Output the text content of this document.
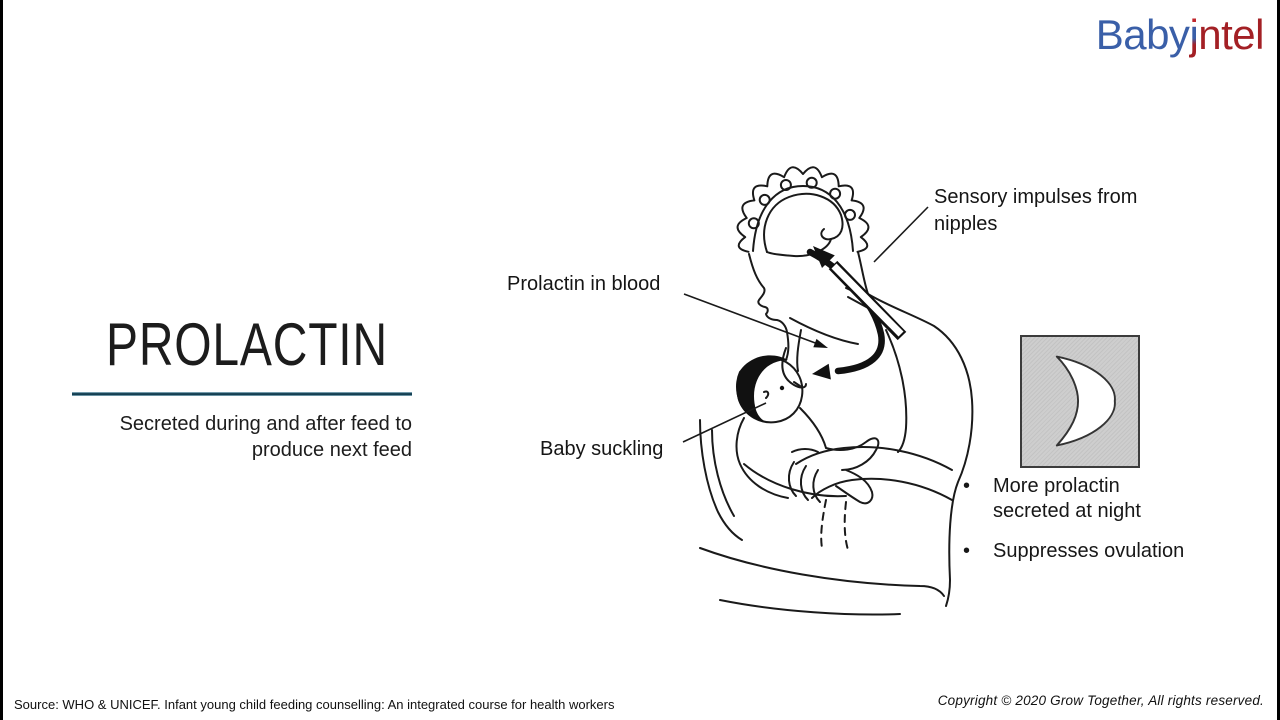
Babyjntel
PROLACTIN
Secreted during and after feed to
produce next feed
Sensory impulses from nipples
Prolactin in blood
Baby suckling
•	More prolactin secreted at night
•	Suppresses ovulation
Source: WHO & UNICEF. Infant young child feeding counselling: An integrated course for health workers	Copyright © 2020 Grow Together, All rights reserved.
